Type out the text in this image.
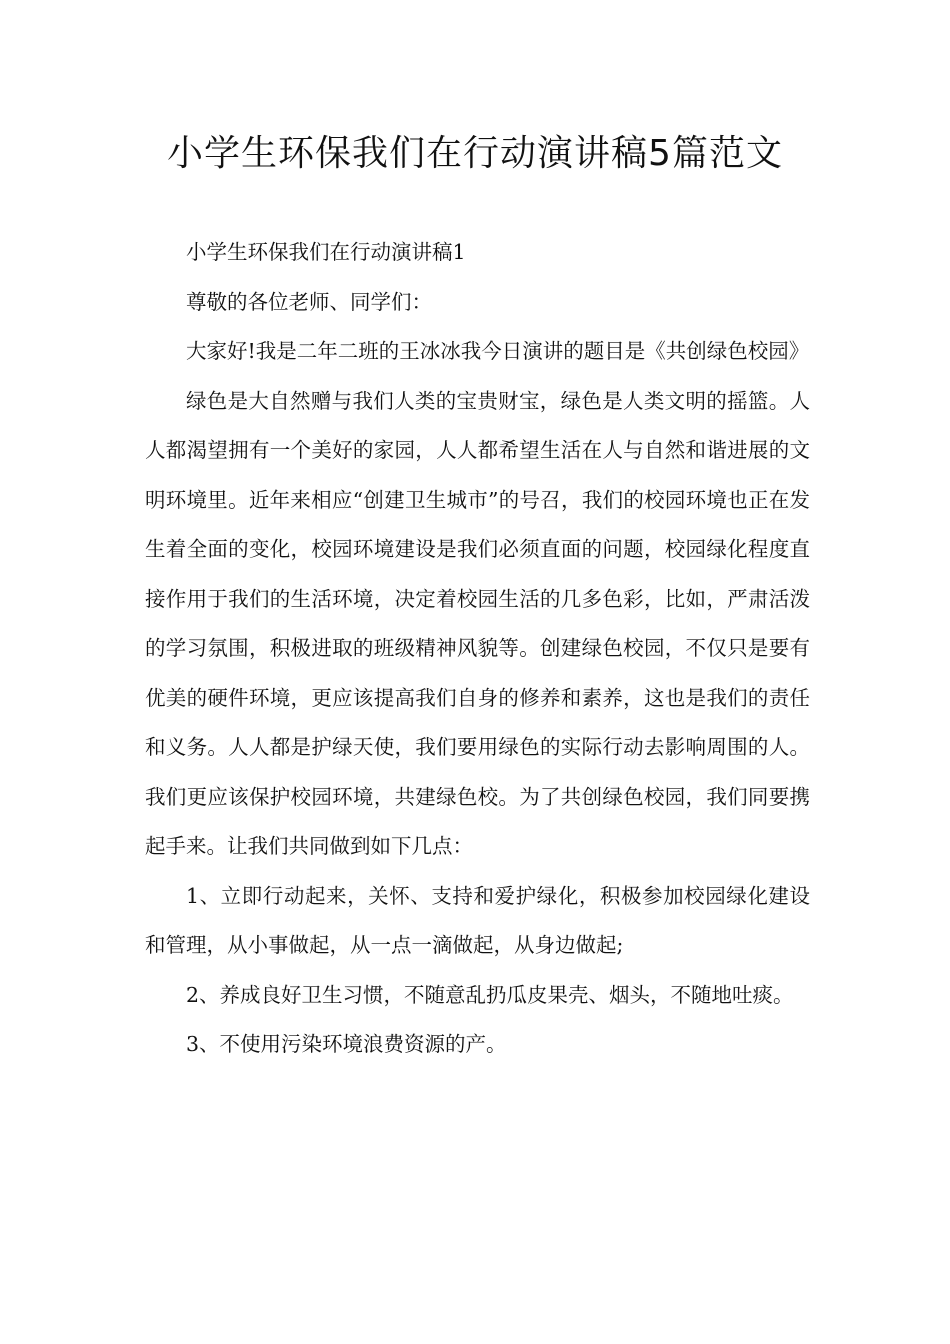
小学生环保我们在行动演讲稿5篇范文

小学生环保我们在行动演讲稿1

尊敬的各位老师、同学们：

大家好!我是二年二班的王冰冰我今日演讲的题目是《共创绿色校园》

绿色是大自然赠与我们人类的宝贵财宝，绿色是人类文明的摇篮。人人都渴望拥有一个美好的家园，人人都希望生活在人与自然和谐进展的文明环境里。近年来相应“创建卫生城市”的号召，我们的校园环境也正在发生着全面的变化，校园环境建设是我们必须直面的问题，校园绿化程度直接作用于我们的生活环境，决定着校园生活的几多色彩，比如，严肃活泼的学习氛围，积极进取的班级精神风貌等。创建绿色校园，不仅只是要有优美的硬件环境，更应该提高我们自身的修养和素养，这也是我们的责任和义务。人人都是护绿天使，我们要用绿色的实际行动去影响周围的人。我们更应该保护校园环境，共建绿色校。为了共创绿色校园，我们同要携起手来。让我们共同做到如下几点：

1、立即行动起来，关怀、支持和爱护绿化，积极参加校园绿化建设和管理，从小事做起，从一点一滴做起，从身边做起;

2、养成良好卫生习惯，不随意乱扔瓜皮果壳、烟头，不随地吐痰。

3、不使用污染环境浪费资源的产。
